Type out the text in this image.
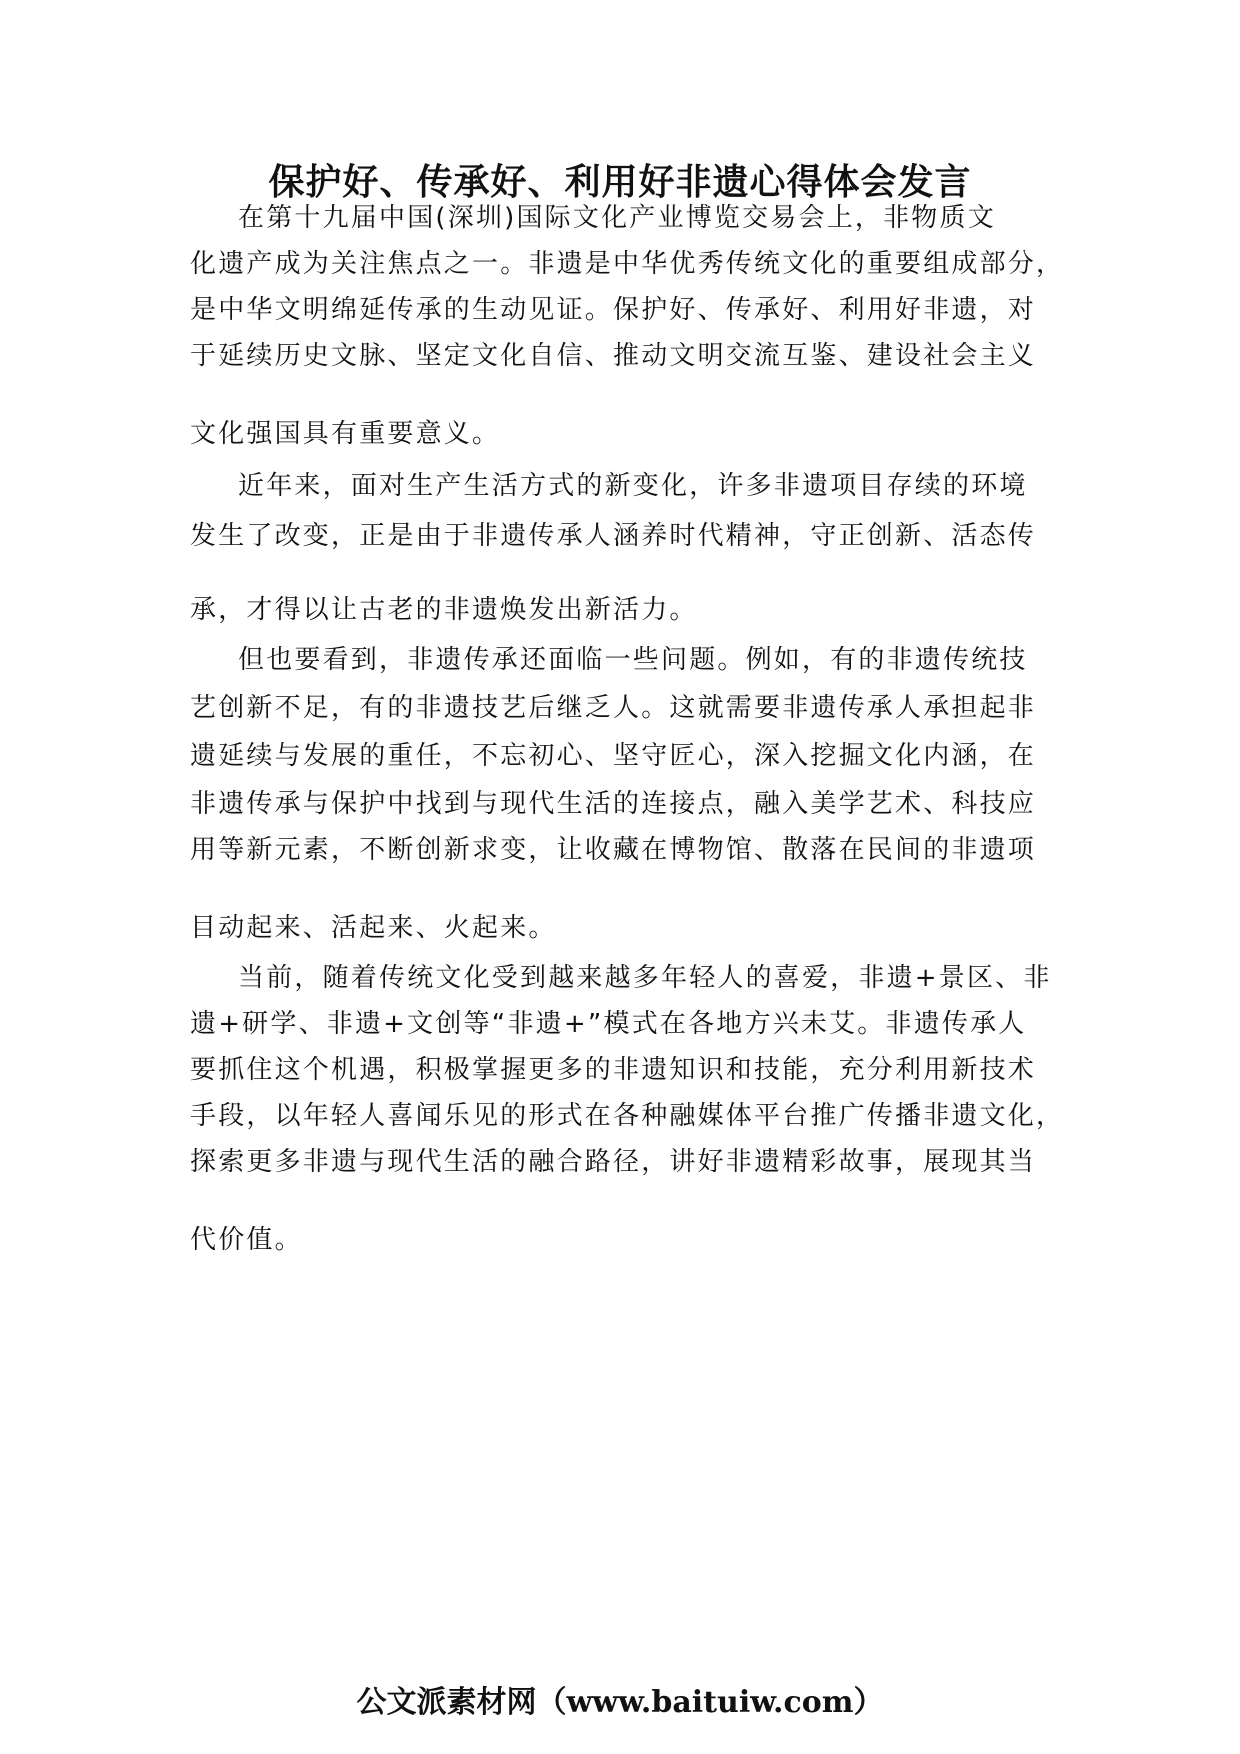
保护好、传承好、利用好非遗心得体会发言
在第十九届中国(深圳)国际文化产业博览交易会上，非物质文
化遗产成为关注焦点之一。非遗是中华优秀传统文化的重要组成部分，
是中华文明绵延传承的生动见证。保护好、传承好、利用好非遗，对
于延续历史文脉、坚定文化自信、推动文明交流互鉴、建设社会主义
文化强国具有重要意义。
近年来，面对生产生活方式的新变化，许多非遗项目存续的环境
发生了改变，正是由于非遗传承人涵养时代精神，守正创新、活态传
承，才得以让古老的非遗焕发出新活力。
但也要看到，非遗传承还面临一些问题。例如，有的非遗传统技
艺创新不足，有的非遗技艺后继乏人。这就需要非遗传承人承担起非
遗延续与发展的重任，不忘初心、坚守匠心，深入挖掘文化内涵，在
非遗传承与保护中找到与现代生活的连接点，融入美学艺术、科技应
用等新元素，不断创新求变，让收藏在博物馆、散落在民间的非遗项
目动起来、活起来、火起来。
当前，随着传统文化受到越来越多年轻人的喜爱，非遗+景区、非
遗+研学、非遗+文创等“非遗+”模式在各地方兴未艾。非遗传承人
要抓住这个机遇，积极掌握更多的非遗知识和技能，充分利用新技术
手段，以年轻人喜闻乐见的形式在各种融媒体平台推广传播非遗文化，
探索更多非遗与现代生活的融合路径，讲好非遗精彩故事，展现其当
代价值。
公文派素材网（www.baituiw.com）
